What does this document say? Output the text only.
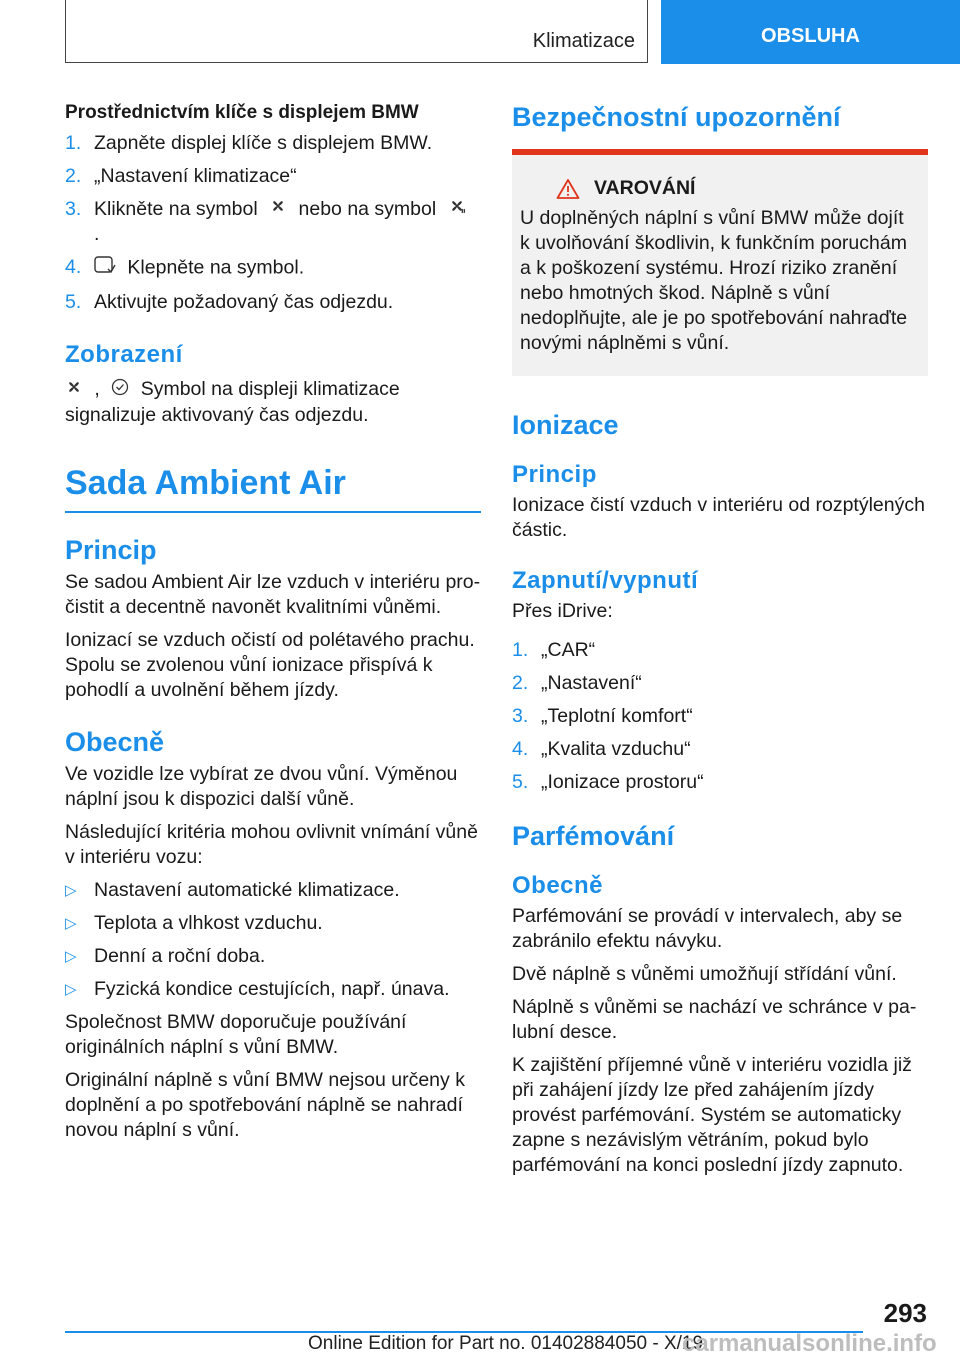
Klimatizace	OBSLUHA

Prostřednictvím klíče s displejem BMW

1. Zapněte displej klíče s displejem BMW.
2. „Nastavení klimatizace“
3. Klikněte na symbol nebo na symbol  .
4.	Klepněte na symbol.
5. Aktivujte požadovaný čas odjezdu.
Zobrazení

, Symbol na displeji klimatizace signalizuje aktivovaný čas odjezdu.

Sada Ambient Air
Princip

Se sadou Ambient Air lze vzduch v interiéru pročistit a decentně navonět kvalitními vůněmi.

Ionizací se vzduch očistí od polétavého prachu. Spolu se zvolenou vůní ionizace přispívá k pohodlí a uvolnění během jízdy.

Obecně

Ve vozidle lze vybírat ze dvou vůní. Výměnou náplní jsou k dispozici další vůně.

Následující kritéria mohou ovlivnit vnímání vůně v interiéru vozu:

▷ Nastavení automatické klimatizace.
▷ Teplota a vlhkost vzduchu.
▷ Denní a roční doba.
▷ Fyzická kondice cestujících, např. únava.

Společnost BMW doporučuje používání originálních náplní s vůní BMW.

Originální náplně s vůní BMW nejsou určeny k doplnění a po spotřebování náplně se nahradí novou náplní s vůní.

Bezpečnostní upozornění
VAROVÁNÍ

U doplněných náplní s vůní BMW může dojít k uvolňování škodlivin, k funkčním poruchám a k poškození systému. Hrozí riziko zranění nebo hmotných škod. Náplně s vůní nedoplňujte, ale je po spotřebování nahraďte novými náplněmi s vůní.

Ionizace
Princip

Ionizace čistí vzduch v interiéru od rozptýlených částic.

Zapnutí/vypnutí

Přes iDrive:

1. „CAR“
2. „Nastavení“
3. „Teplotní komfort“
4. „Kvalita vzduchu“
5. „Ionizace prostoru“
Parfémování
Obecně

Parfémování se provádí v intervalech, aby se zabránilo efektu návyku.

Dvě náplně s vůněmi umožňují střídání vůní.

Náplně s vůněmi se nachází ve schránce v palubní desce.

K zajištění příjemné vůně v interiéru vozidla již při zahájení jízdy lze před zahájením jízdy provést parfémování. Systém se automaticky zapne s nezávislým větráním, pokud bylo parfémování na konci poslední jízdy zapnuto.

293
Online Edition for Part no. 01402884050 - X/19
carmanualsonline.info
